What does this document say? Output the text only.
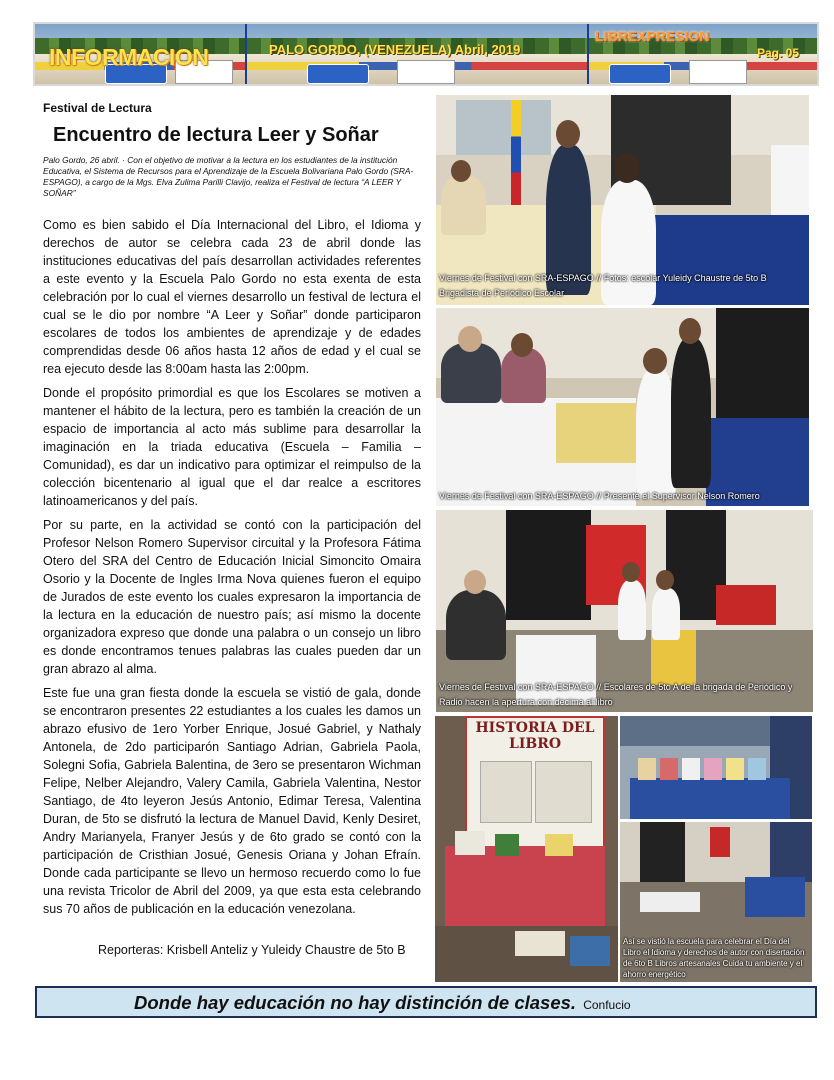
INFORMACION	PALO GORDO, (VENEZUELA) Abril, 2019
LIBREXPRESION
Pag. 05
Festival de Lectura
Encuentro de lectura Leer y Soñar
Palo Gordo, 26 abril. · Con el objetivo de motivar a la lectura en los estudiantes de la institución Educativa, el Sistema de Recursos para el Aprendizaje de la Escuela Bolivariana Palo Gordo (SRA-ESPAGO), a cargo de la Mgs. Elva Zulima Parilli Clavijo, realiza el Festival de lectura “A LEER Y SOÑAR”

Como es bien sabido el Día Internacional del Libro, el Idioma y derechos de autor se celebra cada 23 de abril donde las instituciones educativas del país desarrollan actividades referentes a este evento y la Escuela Palo Gordo no esta exenta de esta celebración por lo cual el viernes desarrollo un festival de lectura el cual se le dio por nombre “A Leer y Soñar” donde participaron escolares de todos los ambientes de aprendizaje y de edades comprendidas desde 06 años hasta 12 años de edad y el cual se rea ejecuto desde las 8:00am hasta las 2:00pm.

Donde el propósito primordial es que los Escolares se motiven a mantener el hábito de la lectura, pero es también la creación de un espacio de importancia al acto más sublime para desarrollar la imaginación en la triada educativa (Escuela – Familia – Comunidad), es dar un indicativo para optimizar el reimpulso de la colección bicentenario al igual que el dar realce a escritores latinoamericanos y del país.

Por su parte, en la actividad se contó con la participación del Profesor Nelson Romero Supervisor circuital y la Profesora Fátima Otero del SRA del Centro de Educación Inicial Simoncito Omaira Osorio y la Docente de Ingles Irma Nova quienes fueron el equipo de Jurados de este evento los cuales expresaron la importancia de la lectura en la educación de nuestro país; así mismo la docente organizadora expreso que donde una palabra o un consejo un libro es donde encontramos tenues palabras las cuales pueden dar un gran abrazo al alma.

Este fue una gran fiesta donde la escuela se vistió de gala, donde se encontraron presentes 22 estudiantes a los cuales les damos un abrazo efusivo de 1ero Yorber Enrique, Josué Gabriel, y Nathaly Antonela, de 2do participarón Santiago Adrian, Gabriela Paola, Solegni Sofia, Gabriela Balentina, de 3ero se presentaron Wichman Felipe, Nelber Alejandro, Valery Camila, Gabriela Valentina, Nestor Santiago, de 4to leyeron Jesús Antonio, Edimar Teresa, Valentina Duran, de 5to se disfrutó la lectura de Manuel David, Kenly Desiret, Andry Marianyela, Franyer Jesús y de 6to grado se contó con la participación de Cristhian Josué, Genesis Oriana y Johan Efraín. Donde cada participante se llevo un hermoso recuerdo como lo fue una revista Tricolor de Abril del 2009, ya que esta esta celebrando sus 70 años de publicación en la educación venezolana.

Reporteras: Krisbell Anteliz y Yuleidy Chaustre de 5to B
Viernes de Festival con SRA-ESPAGO // Fotos: escolar Yuleidy Chaustre de 5to B Brigadista de Periódico Escolar
Viernes de Festival con SRA-ESPAGO // Presente el Supervisor Nelson Romero
Viernes de Festival con SRA-ESPAGO // Escolares de 5to A de la brigada de Periódico y Radio hacen la apertura con decima al libro
HISTORIA DEL LIBRO
Así se vistió la escuela para celebrar el Día del Libro el Idioma y derechos de autor con disertación de 6to B Libros artesanales Cuida tu ambiente y el ahorro energético
Donde hay educación no hay distinción de clases. Confucio
